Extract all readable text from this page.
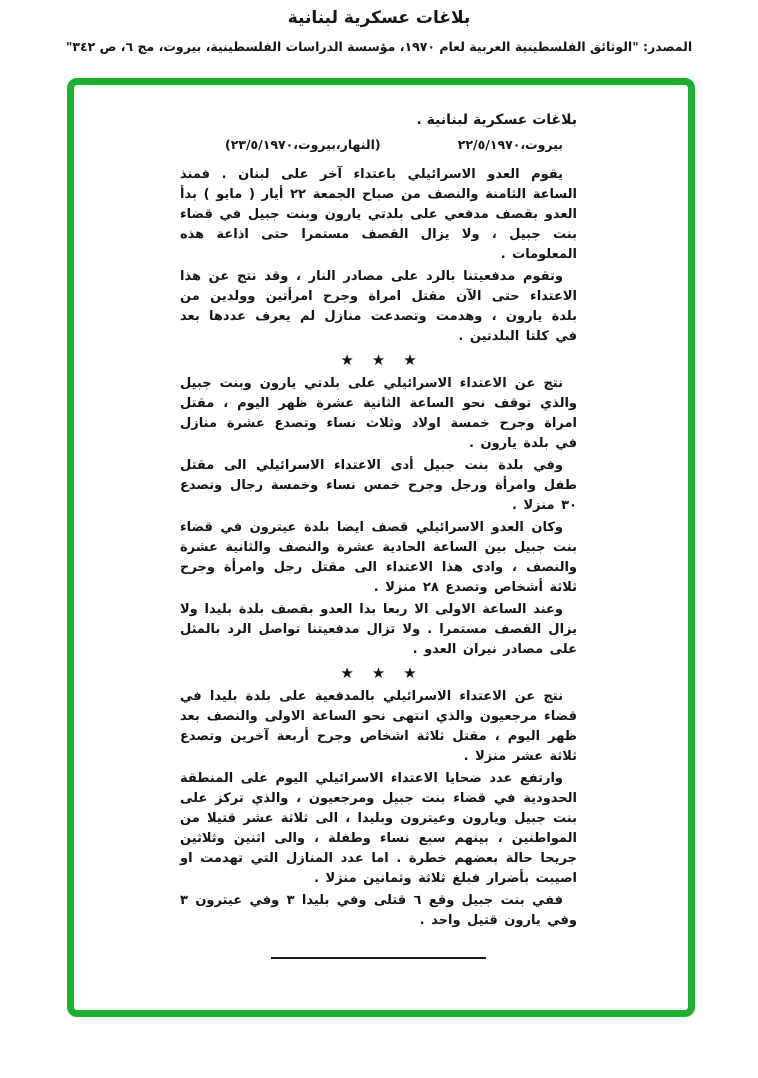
بلاغات عسكرية لبنانية
المصدر: "الوثائق الفلسطينية العربية لعام ١٩٧٠، مؤسسة الدراسات الفلسطينية، بيروت، مج ٦، ص ٣٤٢"
بلاغات عسكرية لبنانية .
بيروت،٢٢/٥/١٩٧٠
(النهار،بيروت،٢٣/٥/١٩٧٠)

يقوم العدو الاسرائيلي باعتداء آخر على لبنان . فمنذ الساعة الثامنة والنصف من صباح الجمعة ٢٢ أيار ( مايو ) بدأ العدو بقصف مدفعي على بلدتي يارون وبنت جبيل في قضاء بنت جبيل ، ولا يزال القصف مستمرا حتى اذاعة هذه المعلومات .

وتقوم مدفعيتنا بالرد على مصادر النار ، وقد نتج عن هذا الاعتداء حتى الآن مقتل امراة وجرح امرأتين وولدين من بلدة يارون ، وهدمت وتصدعت منازل لم يعرف عددها بعد في كلتا البلدتين .

★★★

نتج عن الاعتداء الاسرائيلي على بلدتي يارون وبنت جبيل والذي توقف نحو الساعة الثانية عشرة ظهر اليوم ، مقتل امراة وجرح خمسة اولاد وثلاث نساء وتصدع عشرة منازل في بلدة يارون .

وفي بلدة بنت جبيل أدى الاعتداء الاسرائيلي الى مقتل طفل وامرأة ورجل وجرح خمس نساء وخمسة رجال وتصدع ٣٠ منزلا .

وكان العدو الاسرائيلي قصف ايضا بلدة عيترون في قضاء بنت جبيل بين الساعة الحادية عشرة والنصف والثانية عشرة والنصف ، وادى هذا الاعتداء الى مقتل رجل وامرأة وجرح ثلاثة أشخاص وتصدع ٢٨ منزلا .

وعند الساعة الاولى الا ربعا بدا العدو بقصف بلدة بليدا ولا يزال القصف مستمرا . ولا تزال مدفعيتنا تواصل الرد بالمثل على مصادر نيران العدو .

★★★

نتج عن الاعتداء الاسرائيلي بالمدفعية على بلدة بليدا في قضاء مرجعيون والذي انتهى نحو الساعة الاولى والنصف بعد ظهر اليوم ، مقتل ثلاثة اشخاص وجرح أربعة آخرين وتصدع ثلاثة عشر منزلا .

وارتفع عدد ضحايا الاعتداء الاسرائيلي اليوم على المنطقة الحدودية في قضاء بنت جبيل ومرجعيون ، والذي تركز على بنت جبيل ويارون وعيترون وبليدا ، الى ثلاثة عشر قتيلا من المواطنين ، بينهم سبع نساء وطفلة ، والى اثنين وثلاثين جريحا حالة بعضهم خطرة . اما عدد المنازل التي تهدمت او اصيبت بأضرار فبلغ ثلاثة وثمانين منزلا .

ففي بنت جبيل وقع ٦ قتلى وفي بليدا ٣ وفي عيترون ٣ وفي يارون قتيل واحد .
